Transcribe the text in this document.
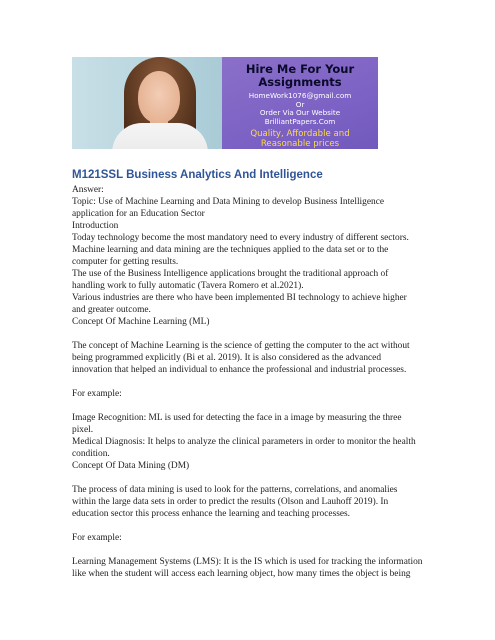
Hire Me For Your
Assignments
HomeWork1076@gmail.com
Or
Order Via Our Website
BrilliantPapers.Com
Quality, Affordable and
Reasonable prices
M121SSL Business Analytics And Intelligence

Answer:

Topic: Use of Machine Learning and Data Mining to develop Business Intelligence

application for an Education Sector

Introduction

Today technology become the most mandatory need to every industry of different sectors.

Machine learning and data mining are the techniques applied to the data set or to the

computer for getting results.

The use of the Business Intelligence applications brought the traditional approach of

handling work to fully automatic (Tavera Romero et al.2021).

Various industries are there who have been implemented BI technology to achieve higher

and greater outcome.

Concept Of Machine Learning (ML)

The concept of Machine Learning is the science of getting the computer to the act without

being programmed explicitly (Bi et al. 2019). It is also considered as the advanced

innovation that helped an individual to enhance the professional and industrial processes.

For example:

Image Recognition: ML is used for detecting the face in a image by measuring the three

pixel.

Medical Diagnosis: It helps to analyze the clinical parameters in order to monitor the health

condition.

Concept Of Data Mining (DM)

The process of data mining is used to look for the patterns, correlations, and anomalies

within the large data sets in order to predict the results (Olson and Lauhoff 2019). In

education sector this process enhance the learning and teaching processes.

For example:

Learning Management Systems (LMS): It is the IS which is used for tracking the information

like when the student will access each learning object, how many times the object is being
